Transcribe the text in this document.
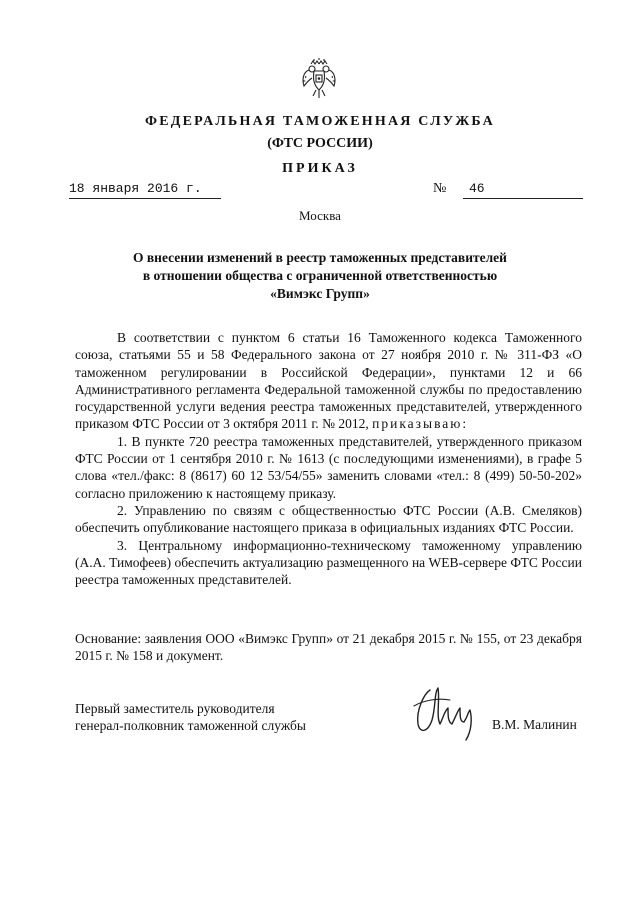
ФЕДЕРАЛЬНАЯ ТАМОЖЕННАЯ СЛУЖБА
(ФТС РОССИИ)
ПРИКАЗ
18 января 2016 г.	№	46
Москва
О внесении изменений в реестр таможенных представителей
в отношении общества с ограниченной ответственностью
«Вимэкс Групп»

В соответствии с пунктом 6 статьи 16 Таможенного кодекса Таможенного союза, статьями 55 и 58 Федерального закона от 27 ноября 2010 г. № 311-ФЗ «О таможенном регулировании в Российской Федерации», пунктами 12 и 66 Административного регламента Федеральной таможенной службы по предоставлению государственной услуги ведения реестра таможенных представителей, утвержденного приказом ФТС России от 3 октября 2011 г. № 2012, приказываю:

1. В пункте 720 реестра таможенных представителей, утвержденного приказом ФТС России от 1 сентября 2010 г. № 1613 (с последующими изменениями), в графе 5 слова «тел./факс: 8 (8617) 60 12 53/54/55» заменить словами «тел.: 8 (499) 50-50-202» согласно приложению к настоящему приказу.

2. Управлению по связям с общественностью ФТС России (А.В. Смеляков) обеспечить опубликование настоящего приказа в официальных изданиях ФТС России.

3. Центральному информационно-техническому таможенному управлению (А.А. Тимофеев) обеспечить актуализацию размещенного на WEB-сервере ФТС России реестра таможенных представителей.

Основание: заявления ООО «Вимэкс Групп» от 21 декабря 2015 г. № 155, от 23 декабря 2015 г. № 158 и документ.
Первый заместитель руководителя
генерал-полковник таможенной службы	В.М. Малинин
